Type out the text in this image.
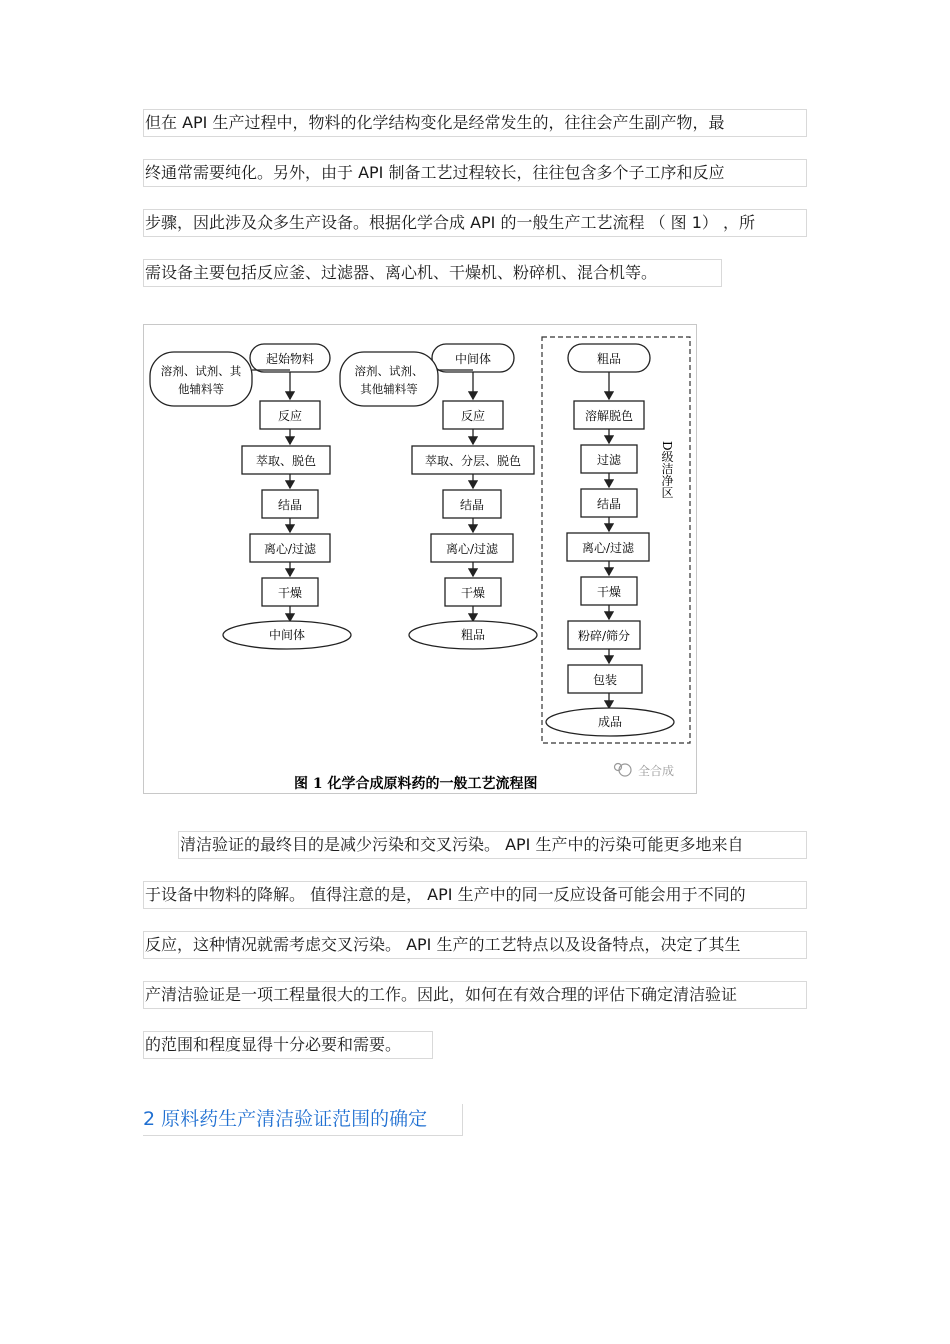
但在 API 生产过程中，物料的化学结构变化是经常发生的，往往会产生副产物，最
终通常需要纯化。另外，由于 API 制备工艺过程较长，往往包含多个子工序和反应
步骤，因此涉及众多生产设备。根据化学合成 API 的一般生产工艺流程 （ 图 1） ，所
需设备主要包括反应釜、过滤器、离心机、干燥机、粉碎机、混合机等。
起始物料
溶剂、试剂、其
他辅料等
反应
萃取、脱色
结晶
离心/过滤
干燥
中间体
中间体
溶剂、试剂、
其他辅料等
反应
萃取、分层、脱色
结晶
离心/过滤
干燥
粗品
D级洁净区
粗品
溶解脱色
过滤
结晶
离心/过滤
干燥
粉碎/筛分
包装
成品
图 1 化学合成原料药的一般工艺流程图
全合成
清洁验证的最终目的是减少污染和交叉污染。 API 生产中的污染可能更多地来自
于设备中物料的降解。 值得注意的是， API 生产中的同一反应设备可能会用于不同的
反应，这种情况就需考虑交叉污染。 API 生产的工艺特点以及设备特点，决定了其生
产清洁验证是一项工程量很大的工作。因此，如何在有效合理的评估下确定清洁验证
的范围和程度显得十分必要和需要。
2 原料药生产清洁验证范围的确定
